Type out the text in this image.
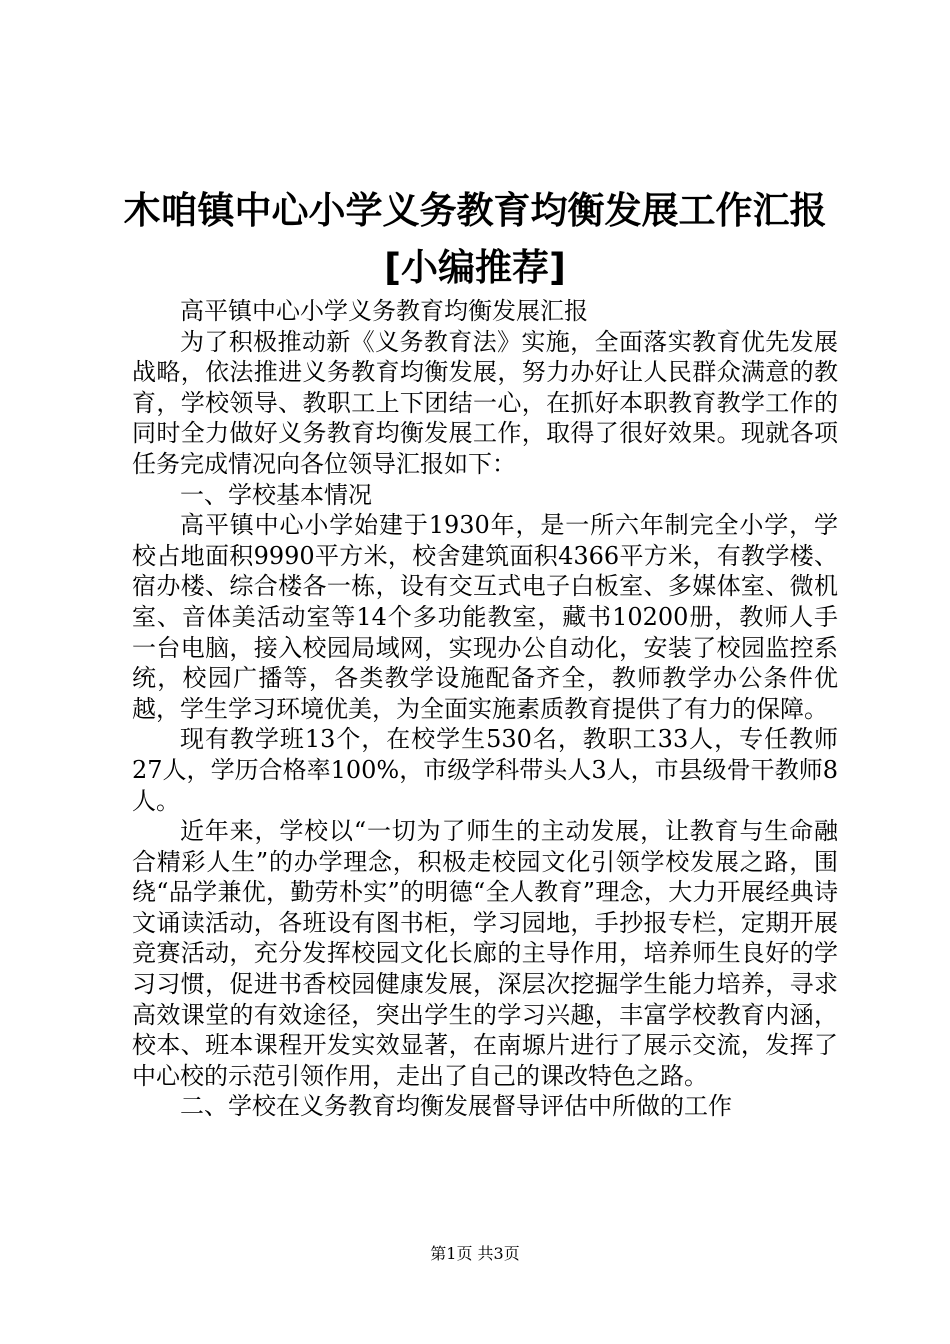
木咱镇中心小学义务教育均衡发展工作汇报
[小编推荐]

高平镇中心小学义务教育均衡发展汇报

为了积极推动新《义务教育法》实施，全面落实教育优先发展战略，依法推进义务教育均衡发展，努力办好让人民群众满意的教育，学校领导、教职工上下团结一心，在抓好本职教育教学工作的同时全力做好义务教育均衡发展工作，取得了很好效果。现就各项任务完成情况向各位领导汇报如下：

一、学校基本情况

高平镇中心小学始建于1930年，是一所六年制完全小学，学校占地面积9990平方米，校舍建筑面积4366平方米，有教学楼、宿办楼、综合楼各一栋，设有交互式电子白板室、多媒体室、微机室、音体美活动室等14个多功能教室，藏书10200册，教师人手一台电脑，接入校园局域网，实现办公自动化，安装了校园监控系统，校园广播等，各类教学设施配备齐全，教师教学办公条件优越，学生学习环境优美，为全面实施素质教育提供了有力的保障。

现有教学班13个，在校学生530名，教职工33人，专任教师27人，学历合格率100%，市级学科带头人3人，市县级骨干教师8人。

近年来，学校以“一切为了师生的主动发展，让教育与生命融合精彩人生”的办学理念，积极走校园文化引领学校发展之路，围绕“品学兼优，勤劳朴实”的明德“全人教育”理念，大力开展经典诗文诵读活动，各班设有图书柜，学习园地，手抄报专栏，定期开展竞赛活动，充分发挥校园文化长廊的主导作用，培养师生良好的学习习惯，促进书香校园健康发展，深层次挖掘学生能力培养，寻求高效课堂的有效途径，突出学生的学习兴趣，丰富学校教育内涵，校本、班本课程开发实效显著，在南塬片进行了展示交流，发挥了中心校的示范引领作用，走出了自己的课改特色之路。

二、学校在义务教育均衡发展督导评估中所做的工作

第1页 共3页
